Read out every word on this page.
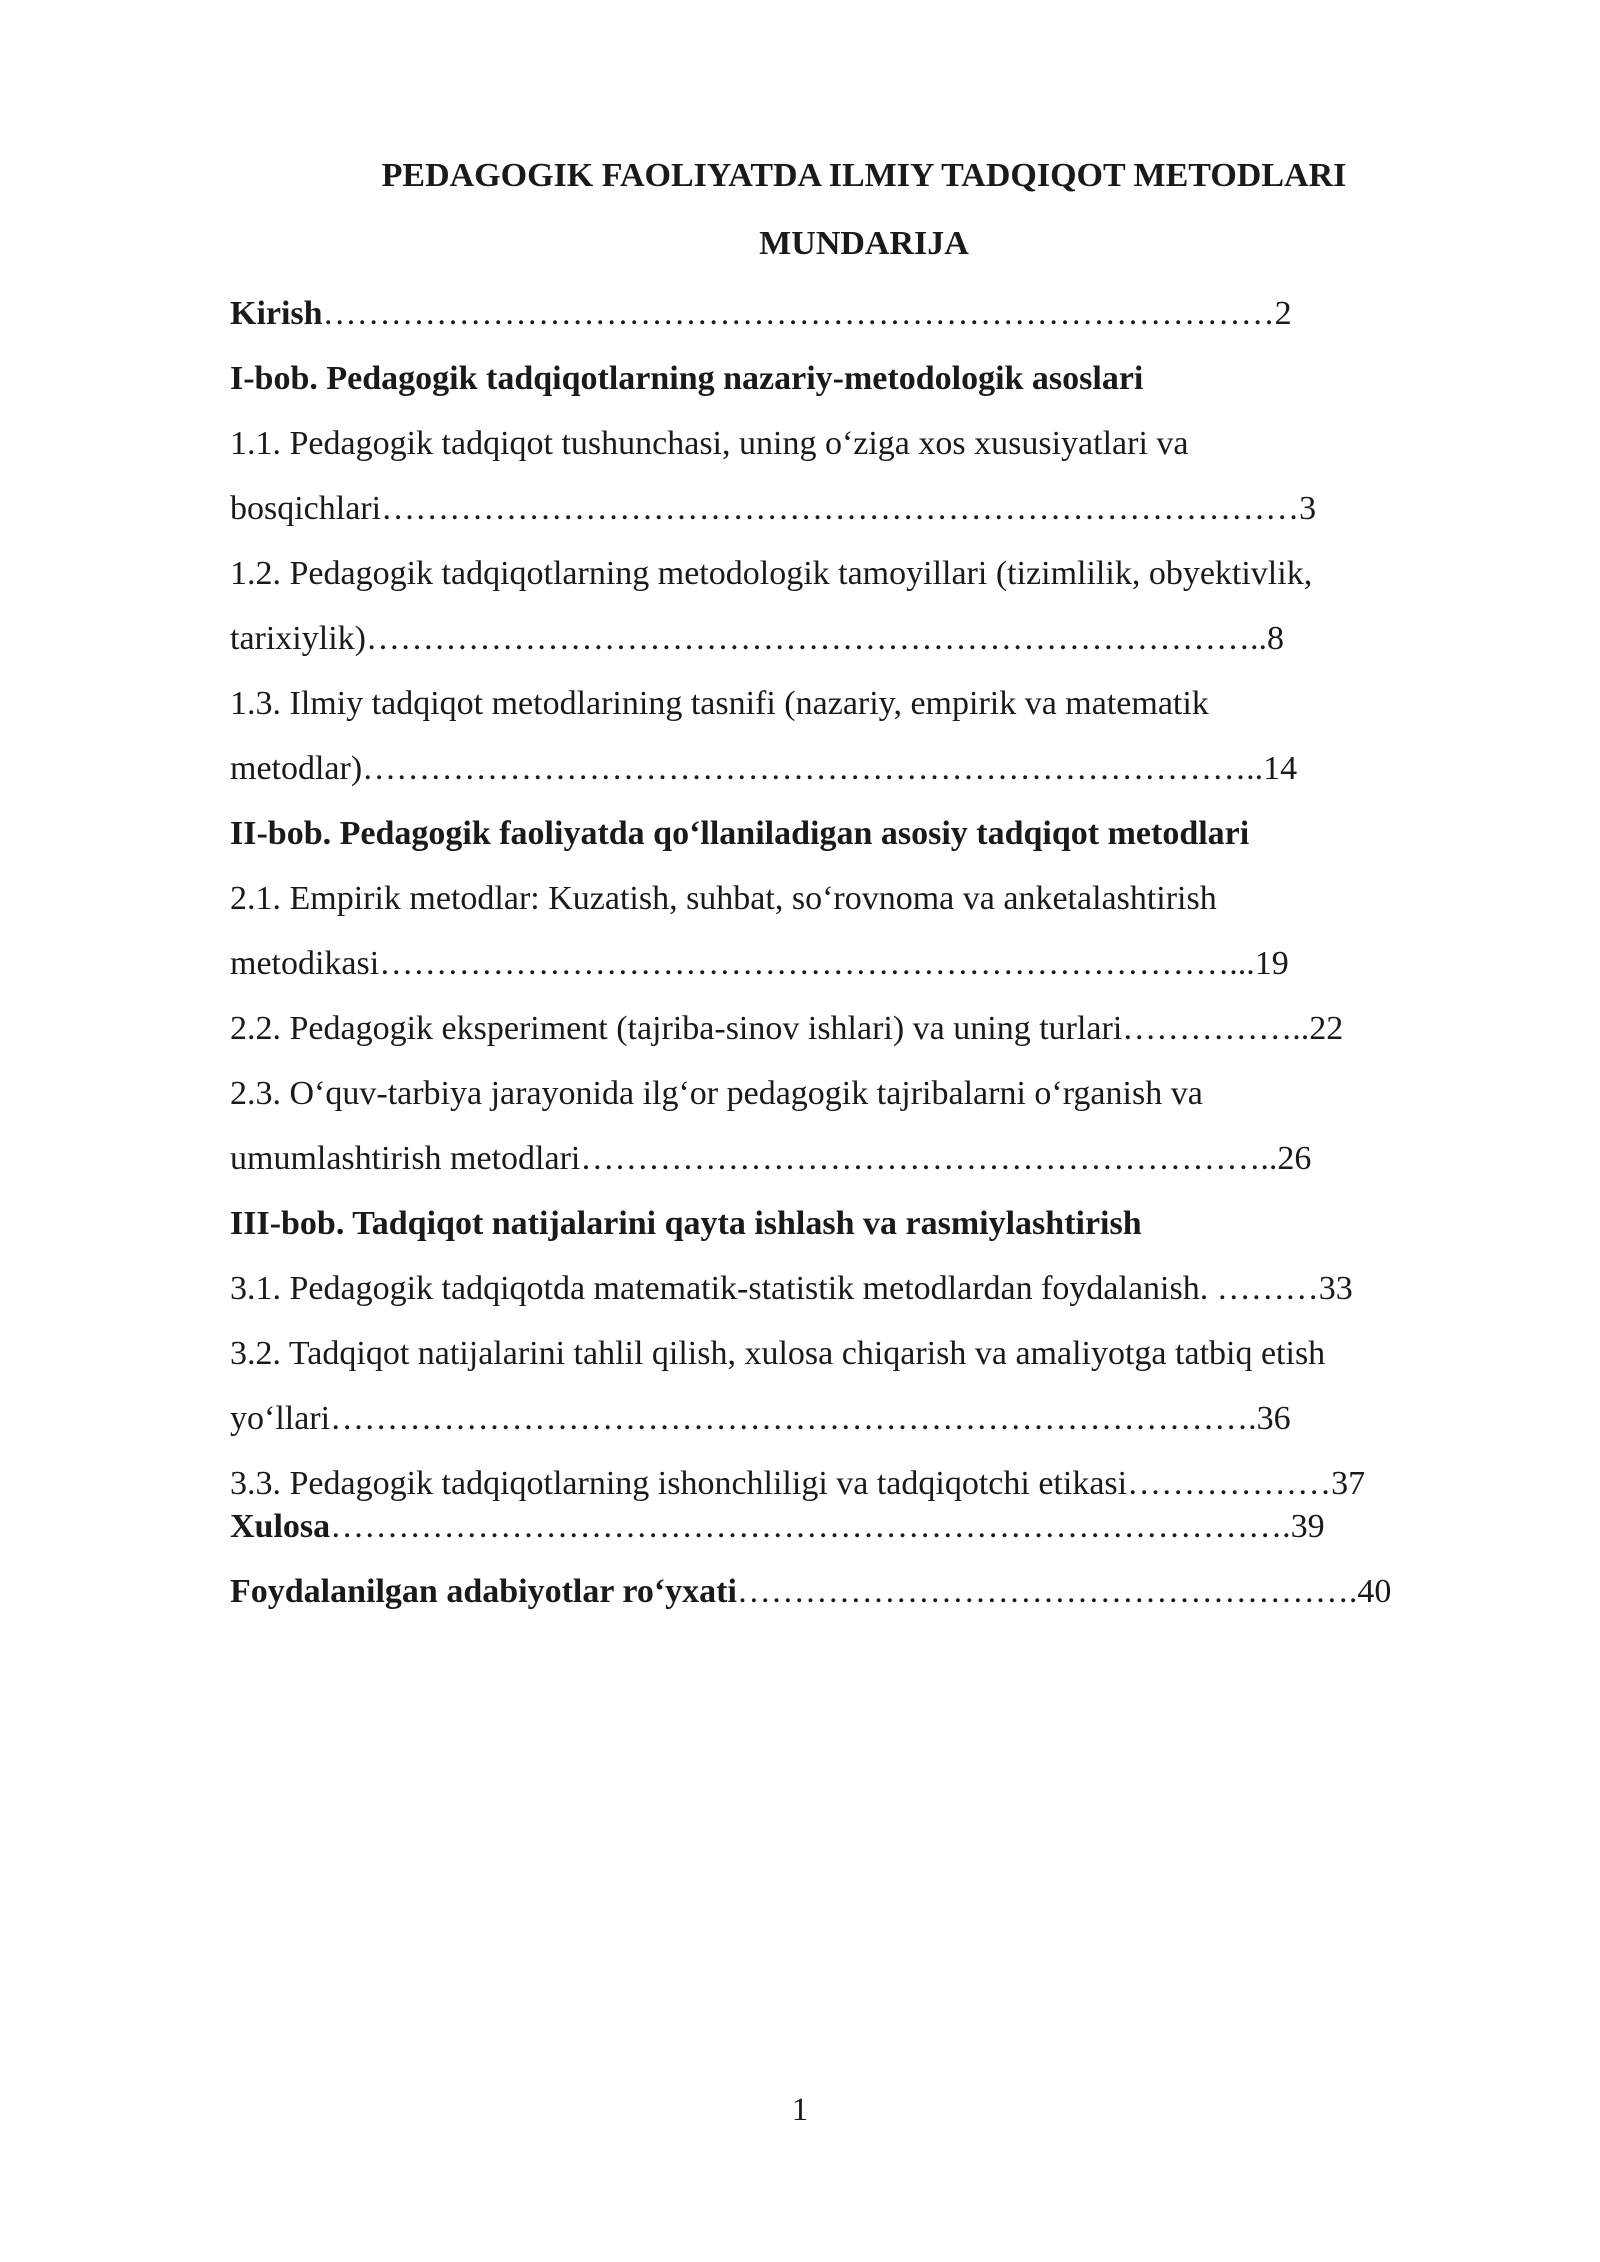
PEDAGOGIK FAOLIYATDA ILMIY TADQIQOT METODLARI
MUNDARIJA
Kirish…………………………………………………………………………2
I-bob. Pedagogik tadqiqotlarning nazariy-metodologik asoslari
1.1. Pedagogik tadqiqot tushunchasi, uning o‘ziga xos xususiyatlari va
bosqichlari………………………………………………………………………3
1.2. Pedagogik tadqiqotlarning metodologik tamoyillari (tizimlilik, obyektivlik,
tarixiylik)……………………………………………………………………..8
1.3. Ilmiy tadqiqot metodlarining tasnifi (nazariy, empirik va matematik
metodlar)……………………………………………………………………..14
II-bob. Pedagogik faoliyatda qo‘llaniladigan asosiy tadqiqot metodlari
2.1. Empirik metodlar: Kuzatish, suhbat, so‘rovnoma va anketalashtirish
metodikasi…………………………………………………………………...19
2.2. Pedagogik eksperiment (tajriba-sinov ishlari) va uning turlari……………..22
2.3. O‘quv-tarbiya jarayonida ilg‘or pedagogik tajribalarni o‘rganish va
umumlashtirish metodlari……………………………………………………..26
III-bob. Tadqiqot natijalarini qayta ishlash va rasmiylashtirish
3.1. Pedagogik tadqiqotda matematik-statistik metodlardan foydalanish. ………33
3.2. Tadqiqot natijalarini tahlil qilish, xulosa chiqarish va amaliyotga tatbiq etish
yo‘llari……………………………………………………………………….36
3.3. Pedagogik tadqiqotlarning ishonchliligi va tadqiqotchi etikasi………………37
Xulosa………………………………………………………………………….39
Foydalanilgan adabiyotlar ro‘yxati……………………………………………….40
1
